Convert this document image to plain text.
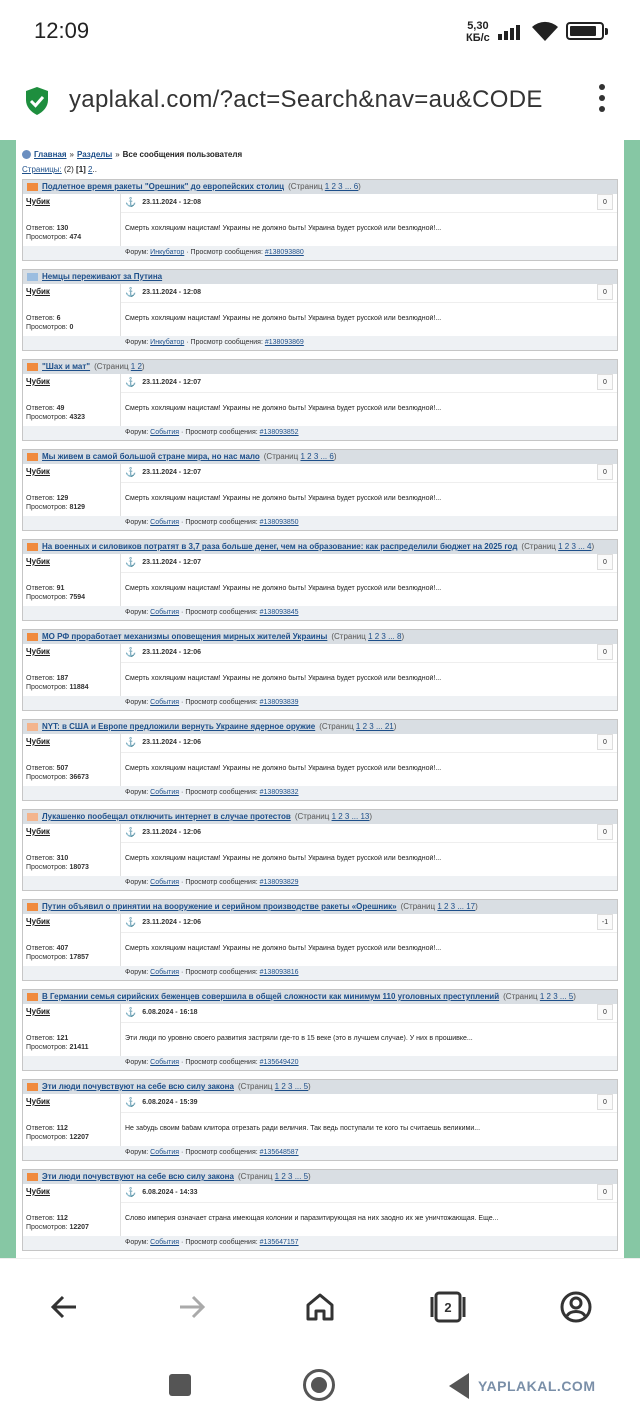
12:09	5,30
КБ/с
yaplakal.com/?act=Search&nav=au&CODE
Главная » Разделы » Все сообщения пользователя
Страницы: (2) [1] 2..
Подлетное время ракеты "Орешник" до европейских столиц (Страниц 1 2 3 ... 6)
Чубик
Ответов: 130
Просмотров: 474
⚓ 23.11.2024 - 12:08	0
Смерть хохляцким нацистам! Украины не должно быть! Украина будет русской или безлюдной!...
Форум: Инкубатор · Просмотр сообщения: #138093880
Немцы переживают за Путина
Чубик
Ответов: 6
Просмотров: 0
⚓ 23.11.2024 - 12:08	0
Смерть хохляцким нацистам! Украины не должно быть! Украина будет русской или безлюдной!...
Форум: Инкубатор · Просмотр сообщения: #138093869
"Шах и мат" (Страниц 1 2)
Чубик
Ответов: 49
Просмотров: 4323
⚓ 23.11.2024 - 12:07	0
Смерть хохляцким нацистам! Украины не должно быть! Украина будет русской или безлюдной!...
Форум: События · Просмотр сообщения: #138093852
Мы живем в самой большой стране мира, но нас мало (Страниц 1 2 3 ... 6)
Чубик
Ответов: 129
Просмотров: 8129
⚓ 23.11.2024 - 12:07	0
Смерть хохляцким нацистам! Украины не должно быть! Украина будет русской или безлюдной!...
Форум: События · Просмотр сообщения: #138093850
На военных и силовиков потратят в 3,7 раза больше денег, чем на образование: как распределили бюджет на 2025 год (Страниц 1 2 3 ... 4)
Чубик
Ответов: 91
Просмотров: 7594
⚓ 23.11.2024 - 12:07	0
Смерть хохляцким нацистам! Украины не должно быть! Украина будет русской или безлюдной!...
Форум: События · Просмотр сообщения: #138093845
МО РФ проработает механизмы оповещения мирных жителей Украины (Страниц 1 2 3 ... 8)
Чубик
Ответов: 187
Просмотров: 11884
⚓ 23.11.2024 - 12:06	0
Смерть хохляцким нацистам! Украины не должно быть! Украина будет русской или безлюдной!...
Форум: События · Просмотр сообщения: #138093839
NYT: в США и Европе предложили вернуть Украине ядерное оружие (Страниц 1 2 3 ... 21)
Чубик
Ответов: 507
Просмотров: 36673
⚓ 23.11.2024 - 12:06	0
Смерть хохляцким нацистам! Украины не должно быть! Украина будет русской или безлюдной!...
Форум: События · Просмотр сообщения: #138093832
Лукашенко пообещал отключить интернет в случае протестов (Страниц 1 2 3 ... 13)
Чубик
Ответов: 310
Просмотров: 18073
⚓ 23.11.2024 - 12:06	0
Смерть хохляцким нацистам! Украины не должно быть! Украина будет русской или безлюдной!...
Форум: События · Просмотр сообщения: #138093829
Путин объявил о принятии на вооружение и серийном производстве ракеты «Орешник» (Страниц 1 2 3 ... 17)
Чубик
Ответов: 407
Просмотров: 17857
⚓ 23.11.2024 - 12:06	-1
Смерть хохляцким нацистам! Украины не должно быть! Украина будет русской или безлюдной!...
Форум: События · Просмотр сообщения: #138093816
В Германии семья сирийских беженцев совершила в общей сложности как минимум 110 уголовных преступлений (Страниц 1 2 3 ... 5)
Чубик
Ответов: 121
Просмотров: 21411
⚓ 6.08.2024 - 16:18	0
Эти люди по уровню своего развития застряли где-то в 15 веке (это в лучшем случае). У них в прошивке...
Форум: События · Просмотр сообщения: #135649420
Эти люди почувствуют на себе всю силу закона (Страниц 1 2 3 ... 5)
Чубик
Ответов: 112
Просмотров: 12207
⚓ 6.08.2024 - 15:39	0
Не забудь своим бабам клитора отрезать ради величия. Так ведь поступали те кого ты считаешь великими...
Форум: События · Просмотр сообщения: #135648587
Эти люди почувствуют на себе всю силу закона (Страниц 1 2 3 ... 5)
Чубик
Ответов: 112
Просмотров: 12207
⚓ 6.08.2024 - 14:33	0
Слово империя означает страна имеющая колонии и паразитирующая на них заодно их же уничтожающая. Еще...
Форум: События · Просмотр сообщения: #135647157
2
YAPLAKAL.COM
